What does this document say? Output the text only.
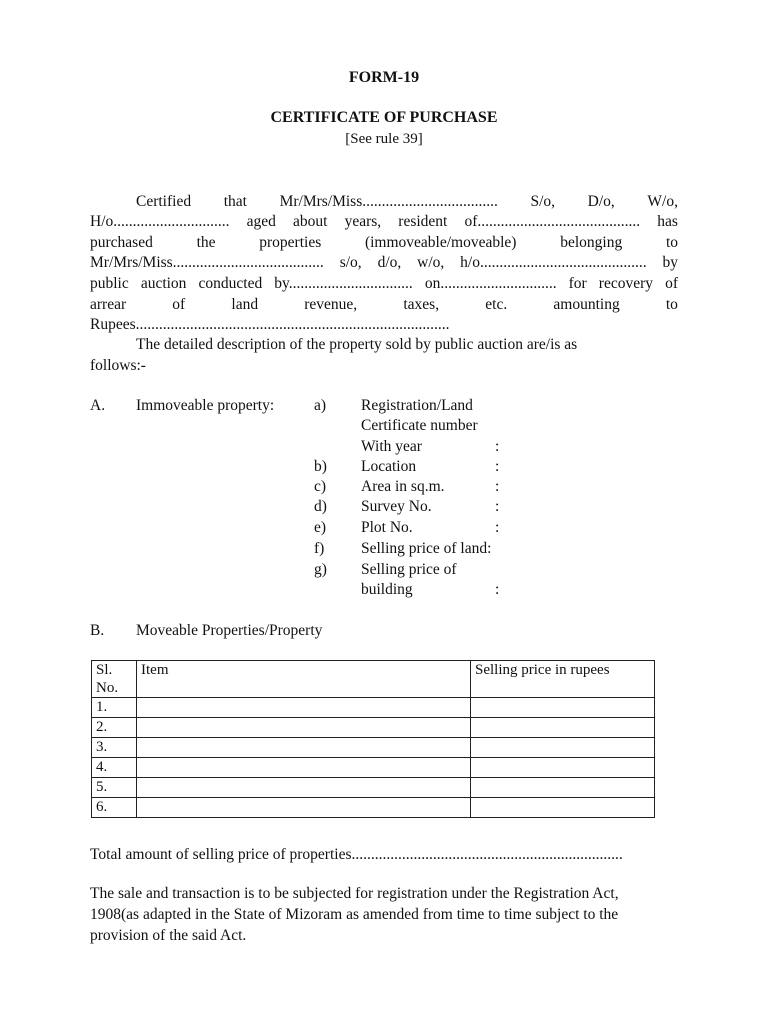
FORM-19
CERTIFICATE OF PURCHASE
[See rule 39]
Certified that Mr/Mrs/Miss................................... S/o, D/o, W/o,
H/o.............................. aged about years, resident of.......................................... has
purchased	the	properties	(immoveable/moveable)	belonging	to
Mr/Mrs/Miss....................................... s/o, d/o, w/o, h/o........................................... by
public auction conducted by................................ on.............................. for recovery of
arrear	of	land	revenue,	taxes,	etc.	amounting	to
Rupees.................................................................................
The detailed description of the property sold by public auction are/is as
follows:-
A. Immoveable property:	a) Registration/Land
Certificate number
With year	:
b) Location	:
c) Area in sq.m.	:
d) Survey No.	:
e) Plot No.	:
f) Selling price of land:
g) Selling price of
building	:
B. Moveable Properties/Property
Sl.
No.	Item	Selling price in rupees
1.		
2.		
3.		
4.		
5.		
6.		
Total amount of selling price of properties......................................................................
The sale and transaction is to be subjected for registration under the Registration Act,
1908(as adapted in the State of Mizoram as amended from time to time subject to the
provision of the said Act.
